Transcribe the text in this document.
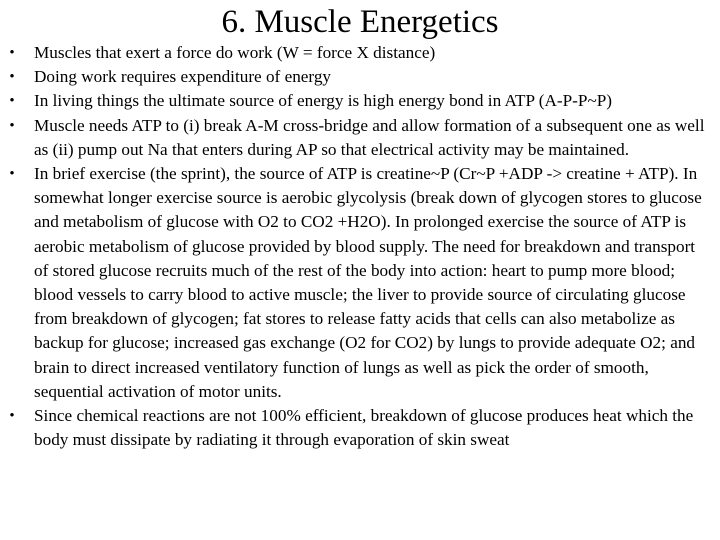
6. Muscle Energetics
• Muscles that exert a force do work (W = force X distance)
• Doing work requires expenditure of energy
• In living things the ultimate source of energy is high energy bond in ATP (A-P-P~P)
• Muscle needs ATP to (i) break A-M cross-bridge and allow formation of a subsequent one as well as (ii) pump out Na that enters during AP so that electrical activity may be maintained.
• In brief exercise (the sprint), the source of ATP is creatine~P (Cr~P +ADP -> creatine + ATP). In somewhat longer exercise source is aerobic glycolysis (break down of glycogen stores to glucose and metabolism of glucose with O2 to CO2 +H2O). In prolonged exercise the source of ATP is aerobic metabolism of glucose provided by blood supply. The need for breakdown and transport of stored glucose recruits much of the rest of the body into action: heart to pump more blood; blood vessels to carry blood to active muscle; the liver to provide source of circulating glucose from breakdown of glycogen; fat stores to release fatty acids that cells can also metabolize as backup for glucose; increased gas exchange (O2 for CO2) by lungs to provide adequate O2; and brain to direct increased ventilatory function of lungs as well as pick the order of smooth, sequential activation of motor units.
• Since chemical reactions are not 100% efficient, breakdown of glucose produces heat which the body must dissipate by radiating it through evaporation of skin sweat
